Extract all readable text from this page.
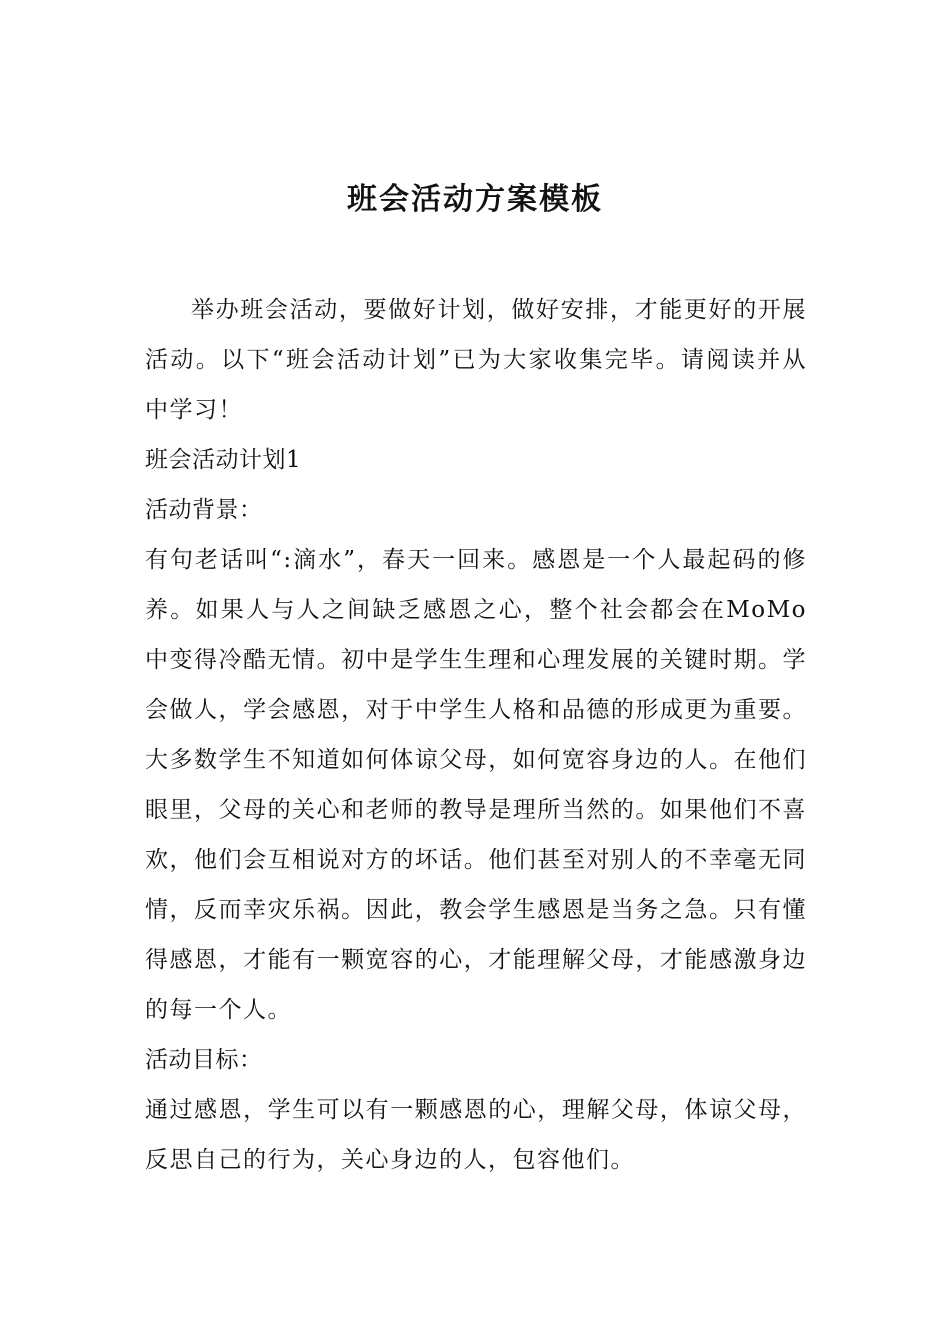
班会活动方案模板

举办班会活动，要做好计划，做好安排，才能更好的开展活动。以下“班会活动计划”已为大家收集完毕。请阅读并从中学习！

班会活动计划1

活动背景：

有句老话叫“:滴水”，春天一回来。感恩是一个人最起码的修养。如果人与人之间缺乏感恩之心，整个社会都会在MoMo中变得冷酷无情。初中是学生生理和心理发展的关键时期。学会做人，学会感恩，对于中学生人格和品德的形成更为重要。大多数学生不知道如何体谅父母，如何宽容身边的人。在他们眼里，父母的关心和老师的教导是理所当然的。如果他们不喜欢，他们会互相说对方的坏话。他们甚至对别人的不幸毫无同情，反而幸灾乐祸。因此，教会学生感恩是当务之急。只有懂得感恩，才能有一颗宽容的心，才能理解父母，才能感激身边的每一个人。

活动目标：

通过感恩，学生可以有一颗感恩的心，理解父母，体谅父母，反思自己的行为，关心身边的人，包容他们。
